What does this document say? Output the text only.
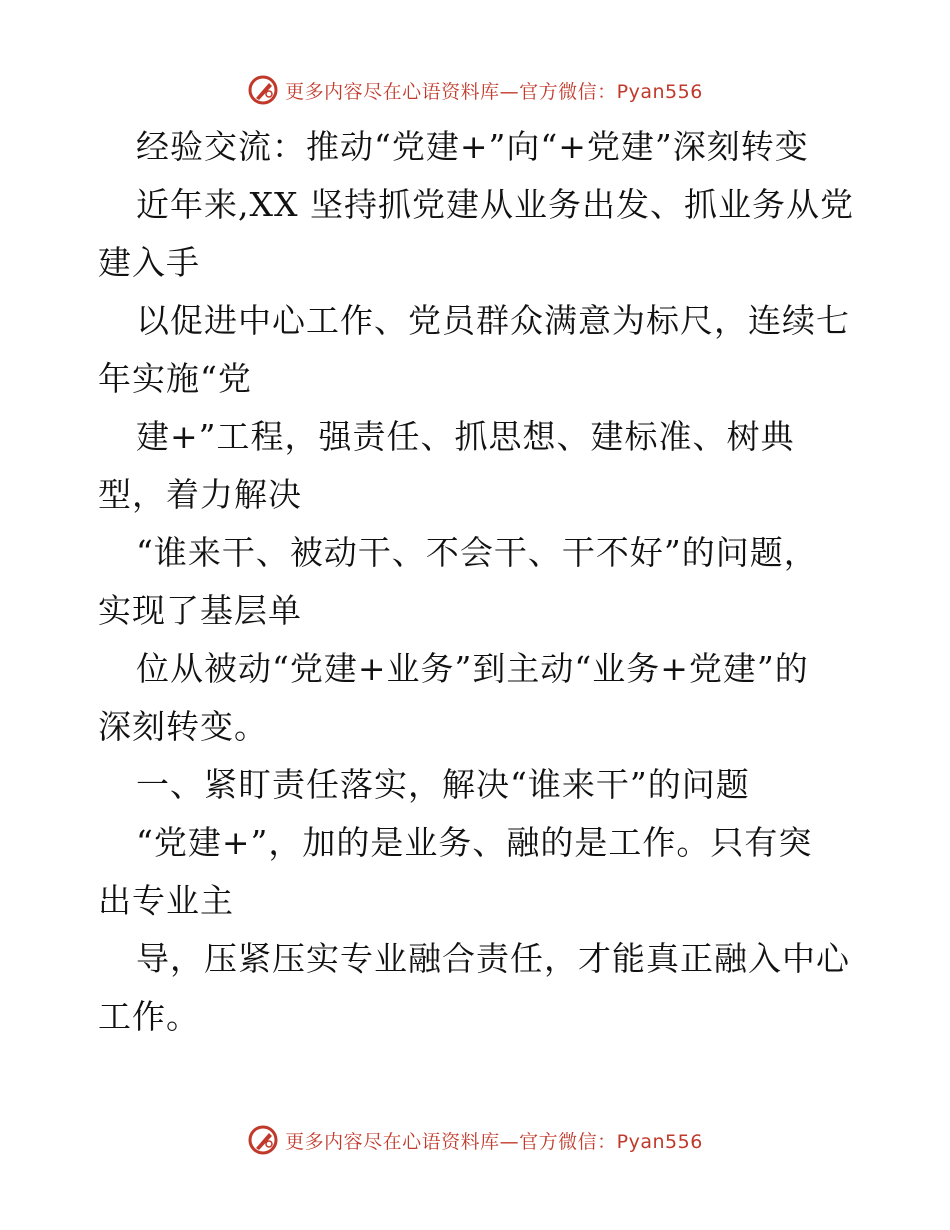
更多内容尽在心语资料库—官方微信：Pyan556
经验交流：推动“党建+”向“+党建”深刻转变
近年来,XX 坚持抓党建从业务出发、抓业务从党
建入手
以促进中心工作、党员群众满意为标尺，连续七
年实施“党
建+”工程，强责任、抓思想、建标准、树典
型，着力解决
“谁来干、被动干、不会干、干不好”的问题，
实现了基层单
位从被动“党建+业务”到主动“业务+党建”的
深刻转变。
一、紧盯责任落实，解决“谁来干”的问题
“党建+”，加的是业务、融的是工作。只有突
出专业主
导，压紧压实专业融合责任，才能真正融入中心
工作。
更多内容尽在心语资料库—官方微信：Pyan556
